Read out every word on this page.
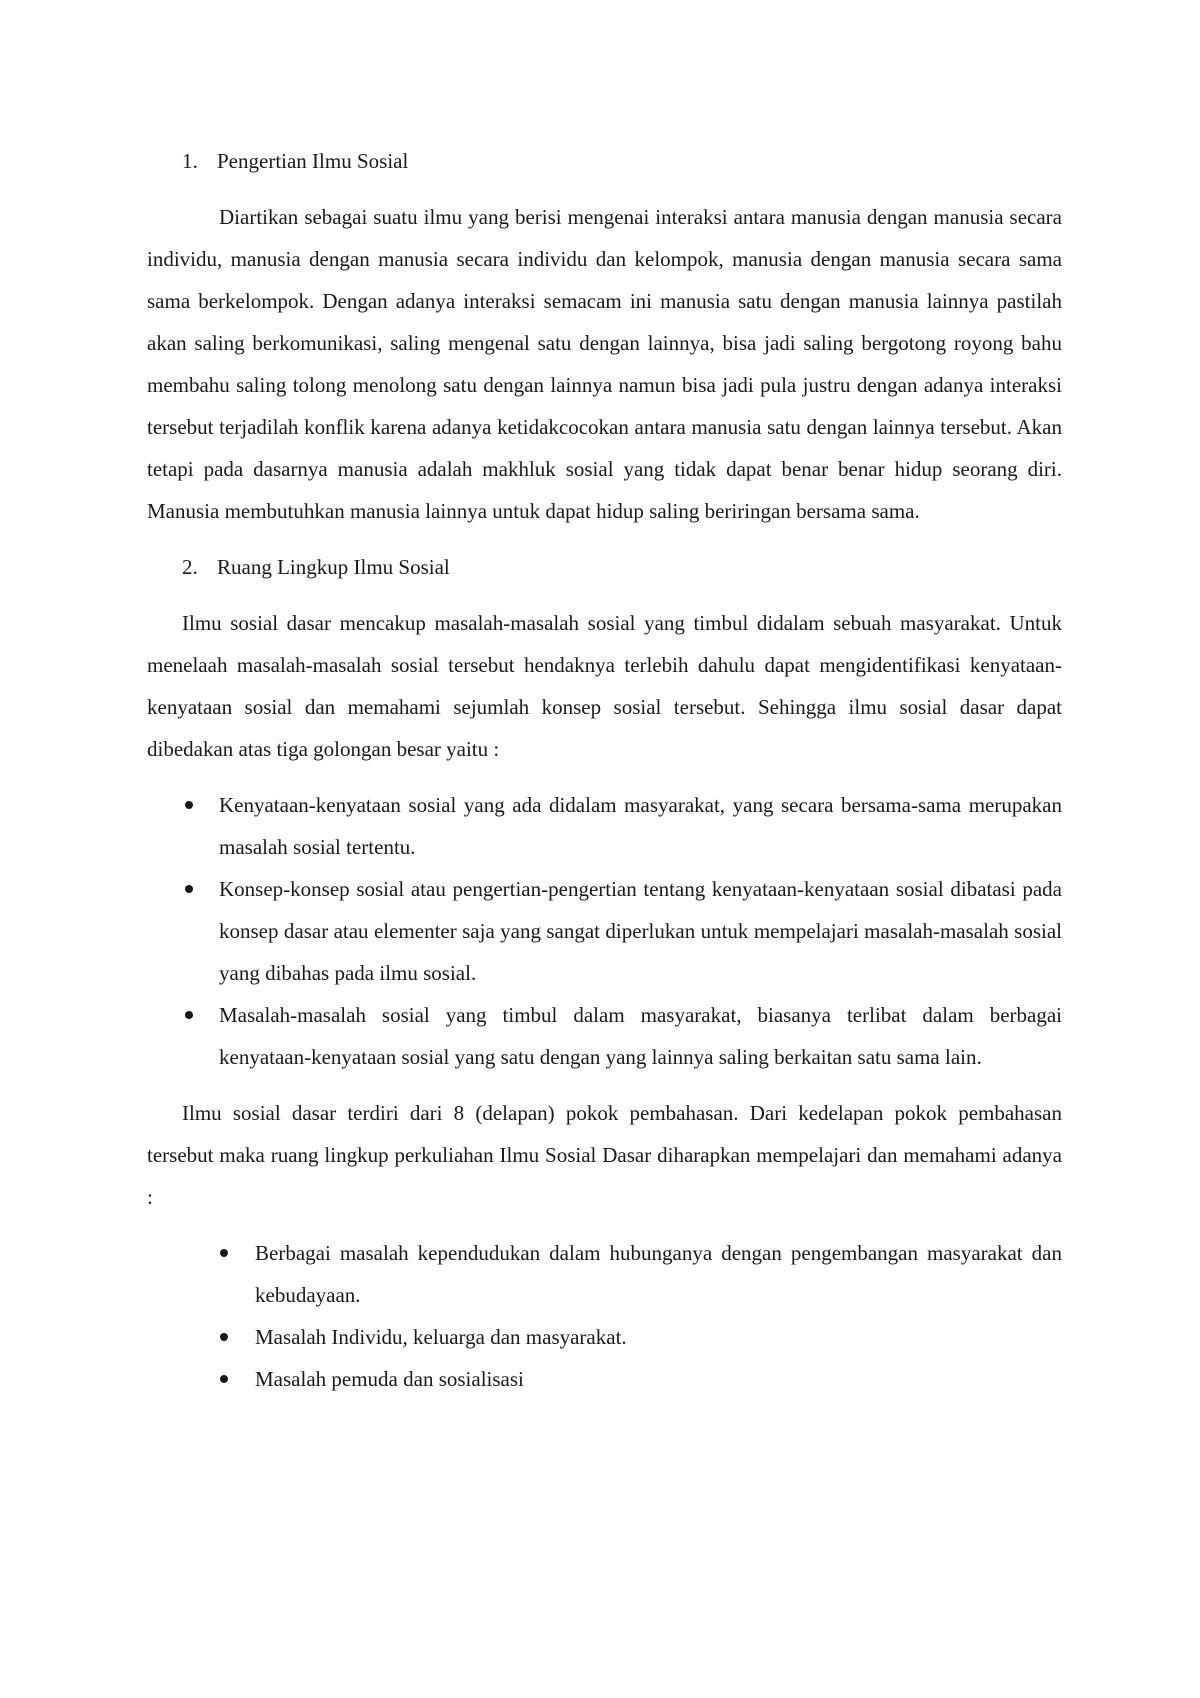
1. Pengertian Ilmu Sosial

Diartikan sebagai suatu ilmu yang berisi mengenai interaksi antara manusia dengan manusia secara individu, manusia dengan manusia secara individu dan kelompok, manusia dengan manusia secara sama sama berkelompok. Dengan adanya interaksi semacam ini manusia satu dengan manusia lainnya pastilah akan saling berkomunikasi, saling mengenal satu dengan lainnya, bisa jadi saling bergotong royong bahu membahu saling tolong menolong satu dengan lainnya namun bisa jadi pula justru dengan adanya interaksi tersebut terjadilah konflik karena adanya ketidakcocokan antara manusia satu dengan lainnya tersebut. Akan tetapi pada dasarnya manusia adalah makhluk sosial yang tidak dapat benar benar hidup seorang diri. Manusia membutuhkan manusia lainnya untuk dapat hidup saling beriringan bersama sama.

2. Ruang Lingkup Ilmu Sosial

Ilmu sosial dasar mencakup masalah-masalah sosial yang timbul didalam sebuah masyarakat. Untuk menelaah masalah-masalah sosial tersebut hendaknya terlebih dahulu dapat mengidentifikasi kenyataan-kenyataan sosial dan memahami sejumlah konsep sosial tersebut. Sehingga ilmu sosial dasar dapat dibedakan atas tiga golongan besar yaitu :

Kenyataan-kenyataan sosial yang ada didalam masyarakat, yang secara bersama-sama merupakan masalah sosial tertentu.
Konsep-konsep sosial atau pengertian-pengertian tentang kenyataan-kenyataan sosial dibatasi pada konsep dasar atau elementer saja yang sangat diperlukan untuk mempelajari masalah-masalah sosial yang dibahas pada ilmu sosial.
Masalah-masalah sosial yang timbul dalam masyarakat, biasanya terlibat dalam berbagai kenyataan-kenyataan sosial yang satu dengan yang lainnya saling berkaitan satu sama lain.

Ilmu sosial dasar terdiri dari 8 (delapan) pokok pembahasan. Dari kedelapan pokok pembahasan tersebut maka ruang lingkup perkuliahan Ilmu Sosial Dasar diharapkan mempelajari dan memahami adanya :

Berbagai masalah kependudukan dalam hubunganya dengan pengembangan masyarakat dan kebudayaan.
Masalah Individu, keluarga dan masyarakat.
Masalah pemuda dan sosialisasi
